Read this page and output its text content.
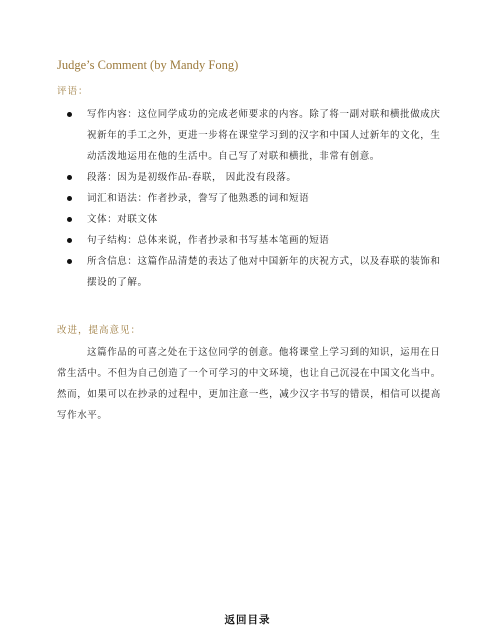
Judge’s Comment (by Mandy Fong)
评语：
写作内容：这位同学成功的完成老师要求的内容。除了将一副对联和横批做成庆祝新年的手工之外，更进一步将在课堂学习到的汉字和中国人过新年的文化，生动活泼地运用在他的生活中。自己写了对联和横批，非常有创意。
段落：因为是初级作品-春联， 因此没有段落。
词汇和语法：作者抄录，誊写了他熟悉的词和短语
文体：对联文体
句子结构：总体来说，作者抄录和书写基本笔画的短语
所含信息：这篇作品清楚的表达了他对中国新年的庆祝方式，以及春联的装饰和摆设的了解。
改进，提高意见：

这篇作品的可喜之处在于这位同学的创意。他将课堂上学习到的知识，运用在日常生活中。不但为自己创造了一个可学习的中文环境，也让自己沉浸在中国文化当中。然而，如果可以在抄录的过程中，更加注意一些，减少汉字书写的错误，相信可以提高写作水平。

返回目录
